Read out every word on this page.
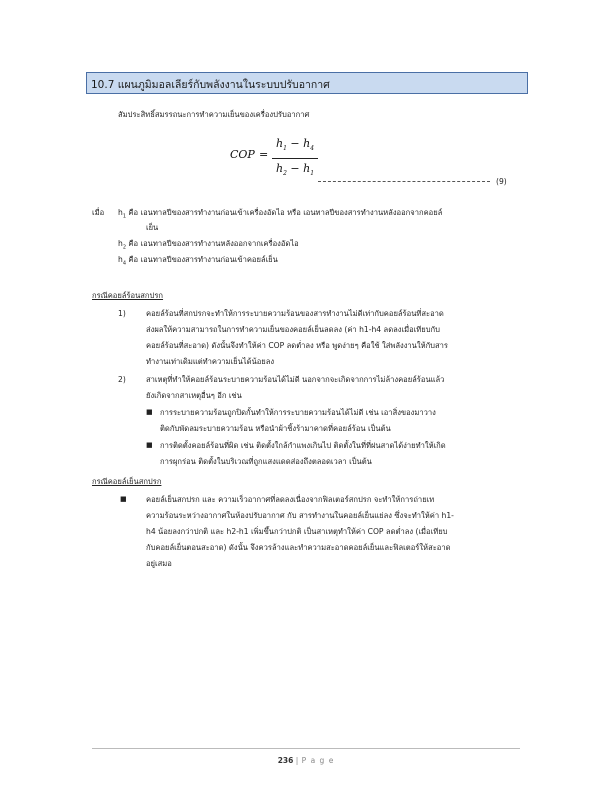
10.7 แผนภูมิมอลเลียร์กับพลังงานในระบบปรับอากาศ
สัมประสิทธิ์สมรรถนะการทำความเย็นของเครื่องปรับอากาศ
COP =
$h_1 - h_4$
$h_2 - h_1$
(9)
เมื่อ $h_1$ คือ เอนทาลปีของสารทำงานก่อนเข้าเครื่องอัดไอ หรือ เอนทาลปีของสารทำงานหลังออกจากคอยล์
เย็น
$h_2$ คือ เอนทาลปีของสารทำงานหลังออกจากเครื่องอัดไอ
$h_4$ คือ เอนทาลปีของสารทำงานก่อนเข้าคอยล์เย็น
กรณีคอยล์ร้อนสกปรก
1)	คอยล์ร้อนที่สกปรกจะทำให้การระบายความร้อนของสารทำงานไม่ดีเท่ากับคอยล์ร้อนที่สะอาด
ส่งผลให้ความสามารถในการทำความเย็นของคอยล์เย็นลดลง (ค่า h1-h4 ลดลงเมื่อเทียบกับ
คอยล์ร้อนที่สะอาด) ดังนั้นจึงทำให้ค่า COP ลดต่ำลง หรือ พูดง่ายๆ คือใช้ ใส่พลังงานให้กับสาร
ทำงานเท่าเดิมแต่ทำความเย็นได้น้อยลง
2)	สาเหตุที่ทำให้คอยล์ร้อนระบายความร้อนได้ไม่ดี นอกจากจะเกิดจากการไม่ล้างคอยล์ร้อนแล้ว
ยังเกิดจากสาเหตุอื่นๆ อีก เช่น
■ การระบายความร้อนถูกปิดกั้นทำให้การระบายความร้อนได้ไม่ดี เช่น เอาสิ่งของมาวาง
ติดกับพัดลมระบายความร้อน หรือนำผ้าชิ้งร้ามาคาดที่คอยล์ร้อน เป็นต้น
■ การติดตั้งคอยล์ร้อนที่ผิด เช่น ติดตั้งใกล้กำแพงเกินไป ติดตั้งในที่ที่ฝนสาดได้ง่ายทำให้เกิด
การผุกร่อน ติดตั้งในบริเวณที่ถูกแสงแดดส่องถึงตลอดเวลา เป็นต้น
กรณีคอยล์เย็นสกปรก
■	คอยล์เย็นสกปรก และ ความเร็วอากาศที่ลดลงเนื่องจากฟิลเตอร์สกปรก จะทำให้การถ่ายเท
ความร้อนระหว่างอากาศในห้องปรับอากาศ กับ สารทำงานในคอยล์เย็นแย่ลง ซึ่งจะทำให้ค่า h1-
h4 น้อยลงกว่าปกติ และ h2-h1 เพิ่มขึ้นกว่าปกติ เป็นสาเหตุทำให้ค่า COP ลดต่ำลง (เมื่อเทียบ
กับคอยล์เย็นตอนสะอาด) ดังนั้น จึงควรล้างและทำความสะอาดคอยล์เย็นและฟิลเตอร์ให้สะอาด
อยู่เสมอ
236 | P a g e
